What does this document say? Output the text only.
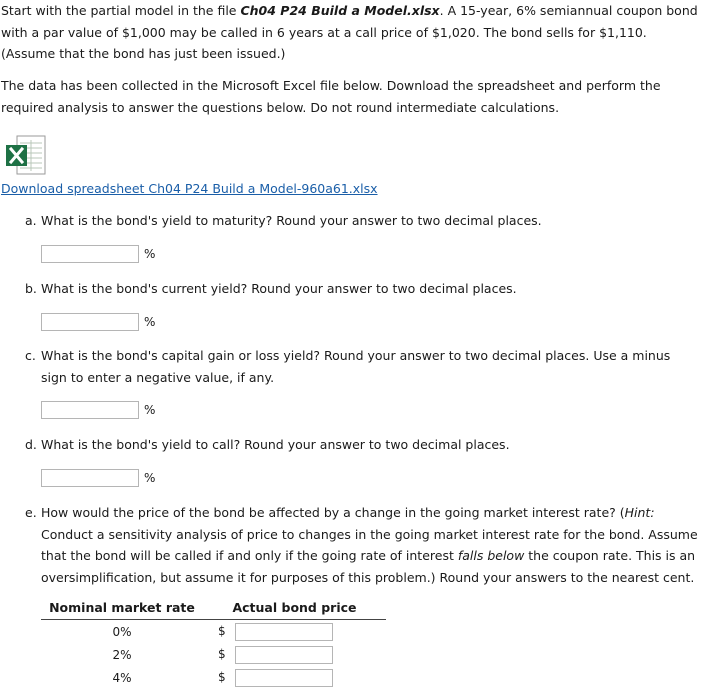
Start with the partial model in the file Ch04 P24 Build a Model.xlsx. A 15-year, 6% semiannual coupon bond with a par value of $1,000 may be called in 6 years at a call price of $1,020. The bond sells for $1,110. (Assume that the bond has just been issued.)

The data has been collected in the Microsoft Excel file below. Download the spreadsheet and perform the required analysis to answer the questions below. Do not round intermediate calculations.

Download spreadsheet Ch04 P24 Build a Model-960a61.xlsx
a. What is the bond's yield to maturity? Round your answer to two decimal places.
%
b. What is the bond's current yield? Round your answer to two decimal places.
%
c. What is the bond's capital gain or loss yield? Round your answer to two decimal places. Use a minus
sign to enter a negative value, if any.
%
d. What is the bond's yield to call? Round your answer to two decimal places.
%
e. How would the price of the bond be affected by a change in the going market interest rate? (Hint: Conduct a sensitivity analysis of price to changes in the going market interest rate for the bond. Assume that the bond will be called if and only if the going rate of interest falls below the coupon rate. This is an oversimplification, but assume it for purposes of this problem.) Round your answers to the nearest cent.
Nominal market rate	Actual bond price
0%	$
2%	$
4%	$
